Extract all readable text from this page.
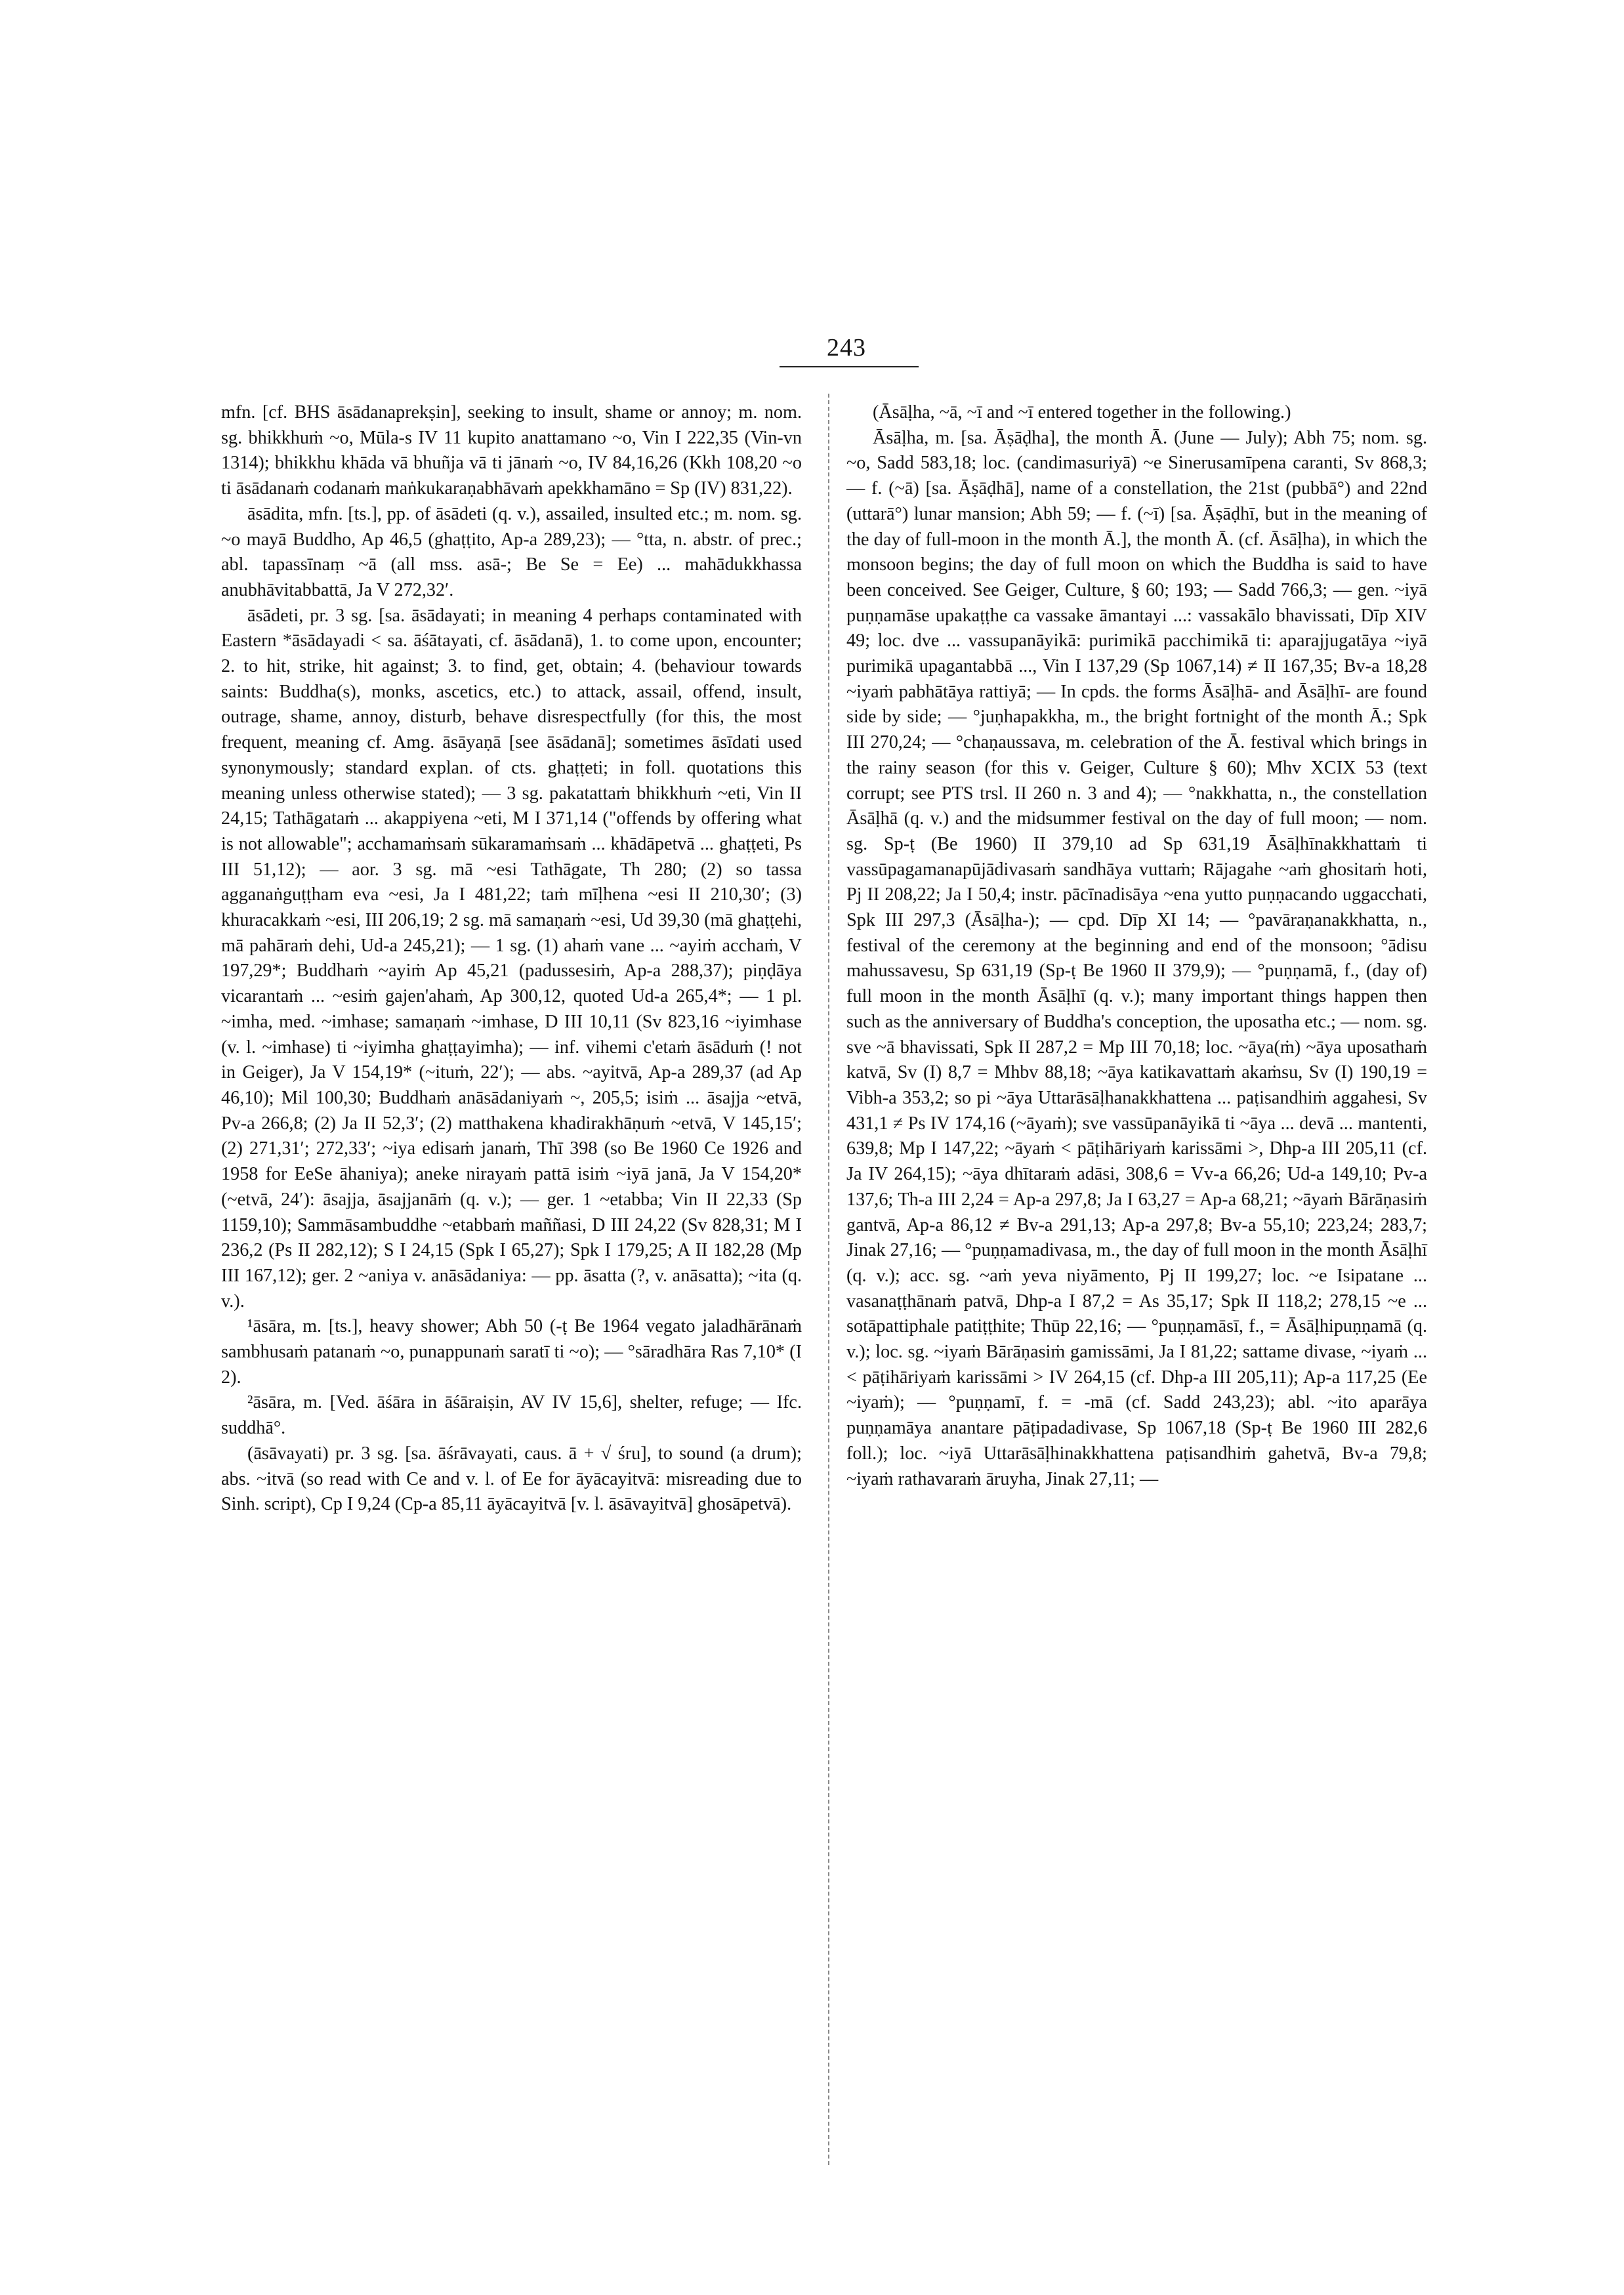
243

mfn. [cf. BHS āsādanaprekṣin], seeking to insult, shame or annoy; m. nom. sg. bhikkhuṁ ~o, Mūla-s IV 11 kupito anattamano ~o, Vin I 222,35 (Vin-vn 1314); bhikkhu khāda vā bhuñja vā ti jānaṁ ~o, IV 84,16,26 (Kkh 108,20 ~o ti āsādanaṁ codanaṁ maṅkukaraṇabhāvaṁ apekkhamāno = Sp (IV) 831,22).

āsādita, mfn. [ts.], pp. of āsādeti (q. v.), assailed, insulted etc.; m. nom. sg. ~o mayā Buddho, Ap 46,5 (ghaṭṭito, Ap-a 289,23); — °tta, n. abstr. of prec.; abl. tapassīnaṃ ~ā (all mss. asā-; Be Se = Ee) ... mahādukkhassa anubhāvitabbattā, Ja V 272,32′.

āsādeti, pr. 3 sg. [sa. āsādayati; in meaning 4 perhaps contaminated with Eastern *āsādayadi < sa. āśātayati, cf. āsādanā), 1. to come upon, encounter; 2. to hit, strike, hit against; 3. to find, get, obtain; 4. (behaviour towards saints: Buddha(s), monks, ascetics, etc.) to attack, assail, offend, insult, outrage, shame, annoy, disturb, behave disrespectfully (for this, the most frequent, meaning cf. Amg. āsāyaṇā [see āsādanā]; sometimes āsīdati used synonymously; standard explan. of cts. ghaṭṭeti; in foll. quotations this meaning unless otherwise stated); — 3 sg. pakatattaṁ bhikkhuṁ ~eti, Vin II 24,15; Tathāgataṁ ... akappiyena ~eti, M I 371,14 ("offends by offering what is not allowable"; acchamaṁsaṁ sūkaramaṁsaṁ ... khādāpetvā ... ghaṭṭeti, Ps III 51,12); — aor. 3 sg. mā ~esi Tathāgate, Th 280; (2) so tassa agganaṅguṭṭham eva ~esi, Ja I 481,22; taṁ mīḷhena ~esi II 210,30′; (3) khuracakkaṁ ~esi, III 206,19; 2 sg. mā samaṇaṁ ~esi, Ud 39,30 (mā ghaṭṭehi, mā pahāraṁ dehi, Ud-a 245,21); — 1 sg. (1) ahaṁ vane ... ~ayiṁ acchaṁ, V 197,29*; Buddhaṁ ~ayiṁ Ap 45,21 (padussesiṁ, Ap-a 288,37); piṇḍāya vicarantaṁ ... ~esiṁ gajen'ahaṁ, Ap 300,12, quoted Ud-a 265,4*; — 1 pl. ~imha, med. ~imhase; samaṇaṁ ~imhase, D III 10,11 (Sv 823,16 ~iyimhase (v. l. ~imhase) ti ~iyimha ghaṭṭayimha); — inf. vihemi c'etaṁ āsāduṁ (! not in Geiger), Ja V 154,19* (~ituṁ, 22′); — abs. ~ayitvā, Ap-a 289,37 (ad Ap 46,10); Mil 100,30; Buddhaṁ anāsādaniyaṁ ~, 205,5; isiṁ ... āsajja ~etvā, Pv-a 266,8; (2) Ja II 52,3′; (2) matthakena khadirakhāṇuṁ ~etvā, V 145,15′; (2) 271,31′; 272,33′; ~iya edisaṁ janaṁ, Thī 398 (so Be 1960 Ce 1926 and 1958 for EeSe āhaniya); aneke nirayaṁ pattā isiṁ ~iyā janā, Ja V 154,20* (~etvā, 24′): āsajja, āsajjanāṁ (q. v.); — ger. 1 ~etabba; Vin II 22,33 (Sp 1159,10); Sammāsambuddhe ~etabbaṁ maññasi, D III 24,22 (Sv 828,31; M I 236,2 (Ps II 282,12); S I 24,15 (Spk I 65,27); Spk I 179,25; A II 182,28 (Mp III 167,12); ger. 2 ~aniya v. anāsādaniya: — pp. āsatta (?, v. anāsatta); ~ita (q. v.).

¹āsāra, m. [ts.], heavy shower; Abh 50 (-ṭ Be 1964 vegato jaladhārānaṁ sambhusaṁ patanaṁ ~o, punappunaṁ saratī ti ~o); — °sāradhāra Ras 7,10* (I 2).

²āsāra, m. [Ved. āśāra in āśāraiṣin, AV IV 15,6], shelter, refuge; — Ifc. suddhā°.

(āsāvayati) pr. 3 sg. [sa. āśrāvayati, caus. ā + √ śru], to sound (a drum); abs. ~itvā (so read with Ce and v. l. of Ee for āyācayitvā: misreading due to Sinh. script), Cp I 9,24 (Cp-a 85,11 āyācayitvā [v. l. āsāvayitvā] ghosāpetvā).

(Āsāḷha, ~ā, ~ī and ~ī entered together in the following.)

Āsāḷha, m. [sa. Āṣāḍha], the month Ā. (June — July); Abh 75; nom. sg. ~o, Sadd 583,18; loc. (candimasuriyā) ~e Sinerusamīpena caranti, Sv 868,3; — f. (~ā) [sa. Āṣāḍhā], name of a constellation, the 21st (pubbā°) and 22nd (uttarā°) lunar mansion; Abh 59; — f. (~ī) [sa. Āṣāḍhī, but in the meaning of the day of full-moon in the month Ā.], the month Ā. (cf. Āsāḷha), in which the monsoon begins; the day of full moon on which the Buddha is said to have been conceived. See Geiger, Culture, § 60; 193; — Sadd 766,3; — gen. ~iyā puṇṇamāse upakaṭṭhe ca vassake āmantayi ...: vassakālo bhavissati, Dīp XIV 49; loc. dve ... vassupanāyikā: purimikā pacchimikā ti: aparajjugatāya ~iyā purimikā upagantabbā ..., Vin I 137,29 (Sp 1067,14) ≠ II 167,35; Bv-a 18,28 ~iyaṁ pabhātāya rattiyā; — In cpds. the forms Āsāḷhā- and Āsāḷhī- are found side by side; — °juṇhapakkha, m., the bright fortnight of the month Ā.; Spk III 270,24; — °chaṇaussava, m. celebration of the Ā. festival which brings in the rainy season (for this v. Geiger, Culture § 60); Mhv XCIX 53 (text corrupt; see PTS trsl. II 260 n. 3 and 4); — °nakkhatta, n., the constellation Āsāḷhā (q. v.) and the midsummer festival on the day of full moon; — nom. sg. Sp-ṭ (Be 1960) II 379,10 ad Sp 631,19 Āsāḷhīnakkhattaṁ ti vassūpagamanapūjādivasaṁ sandhāya vuttaṁ; Rājagahe ~aṁ ghositaṁ hoti, Pj II 208,22; Ja I 50,4; instr. pācīnadisāya ~ena yutto puṇṇacando uggacchati, Spk III 297,3 (Āsāḷha-); — cpd. Dīp XI 14; — °pavāraṇanakkhatta, n., festival of the ceremony at the beginning and end of the monsoon; °ādisu mahussavesu, Sp 631,19 (Sp-ṭ Be 1960 II 379,9); — °puṇṇamā, f., (day of) full moon in the month Āsāḷhī (q. v.); many important things happen then such as the anniversary of Buddha's conception, the uposatha etc.; — nom. sg. sve ~ā bhavissati, Spk II 287,2 = Mp III 70,18; loc. ~āya(ṁ) ~āya uposathaṁ katvā, Sv (I) 8,7 = Mhbv 88,18; ~āya katikavattaṁ akaṁsu, Sv (I) 190,19 = Vibh-a 353,2; so pi ~āya Uttarāsāḷhanakkhattena ... paṭisandhiṁ aggahesi, Sv 431,1 ≠ Ps IV 174,16 (~āyaṁ); sve vassūpanāyikā ti ~āya ... devā ... mantenti, 639,8; Mp I 147,22; ~āyaṁ < pāṭihāriyaṁ karissāmi >, Dhp-a III 205,11 (cf. Ja IV 264,15); ~āya dhītaraṁ adāsi, 308,6 = Vv-a 66,26; Ud-a 149,10; Pv-a 137,6; Th-a III 2,24 = Ap-a 297,8; Ja I 63,27 = Ap-a 68,21; ~āyaṁ Bārāṇasiṁ gantvā, Ap-a 86,12 ≠ Bv-a 291,13; Ap-a 297,8; Bv-a 55,10; 223,24; 283,7; Jinak 27,16; — °puṇṇamadivasa, m., the day of full moon in the month Āsāḷhī (q. v.); acc. sg. ~aṁ yeva niyāmento, Pj II 199,27; loc. ~e Isipatane ... vasanaṭṭhānaṁ patvā, Dhp-a I 87,2 = As 35,17; Spk II 118,2; 278,15 ~e ... sotāpattiphale patiṭṭhite; Thūp 22,16; — °puṇṇamāsī, f., = Āsāḷhipuṇṇamā (q. v.); loc. sg. ~iyaṁ Bārāṇasiṁ gamissāmi, Ja I 81,22; sattame divase, ~iyaṁ ... < pāṭihāriyaṁ karissāmi > IV 264,15 (cf. Dhp-a III 205,11); Ap-a 117,25 (Ee ~iyaṁ); — °puṇṇamī, f. = -mā (cf. Sadd 243,23); abl. ~ito aparāya puṇṇamāya anantare pāṭipadadivase, Sp 1067,18 (Sp-ṭ Be 1960 III 282,6 foll.); loc. ~iyā Uttarāsāḷhinakkhattena paṭisandhiṁ gahetvā, Bv-a 79,8; ~iyaṁ rathavaraṁ āruyha, Jinak 27,11; —
